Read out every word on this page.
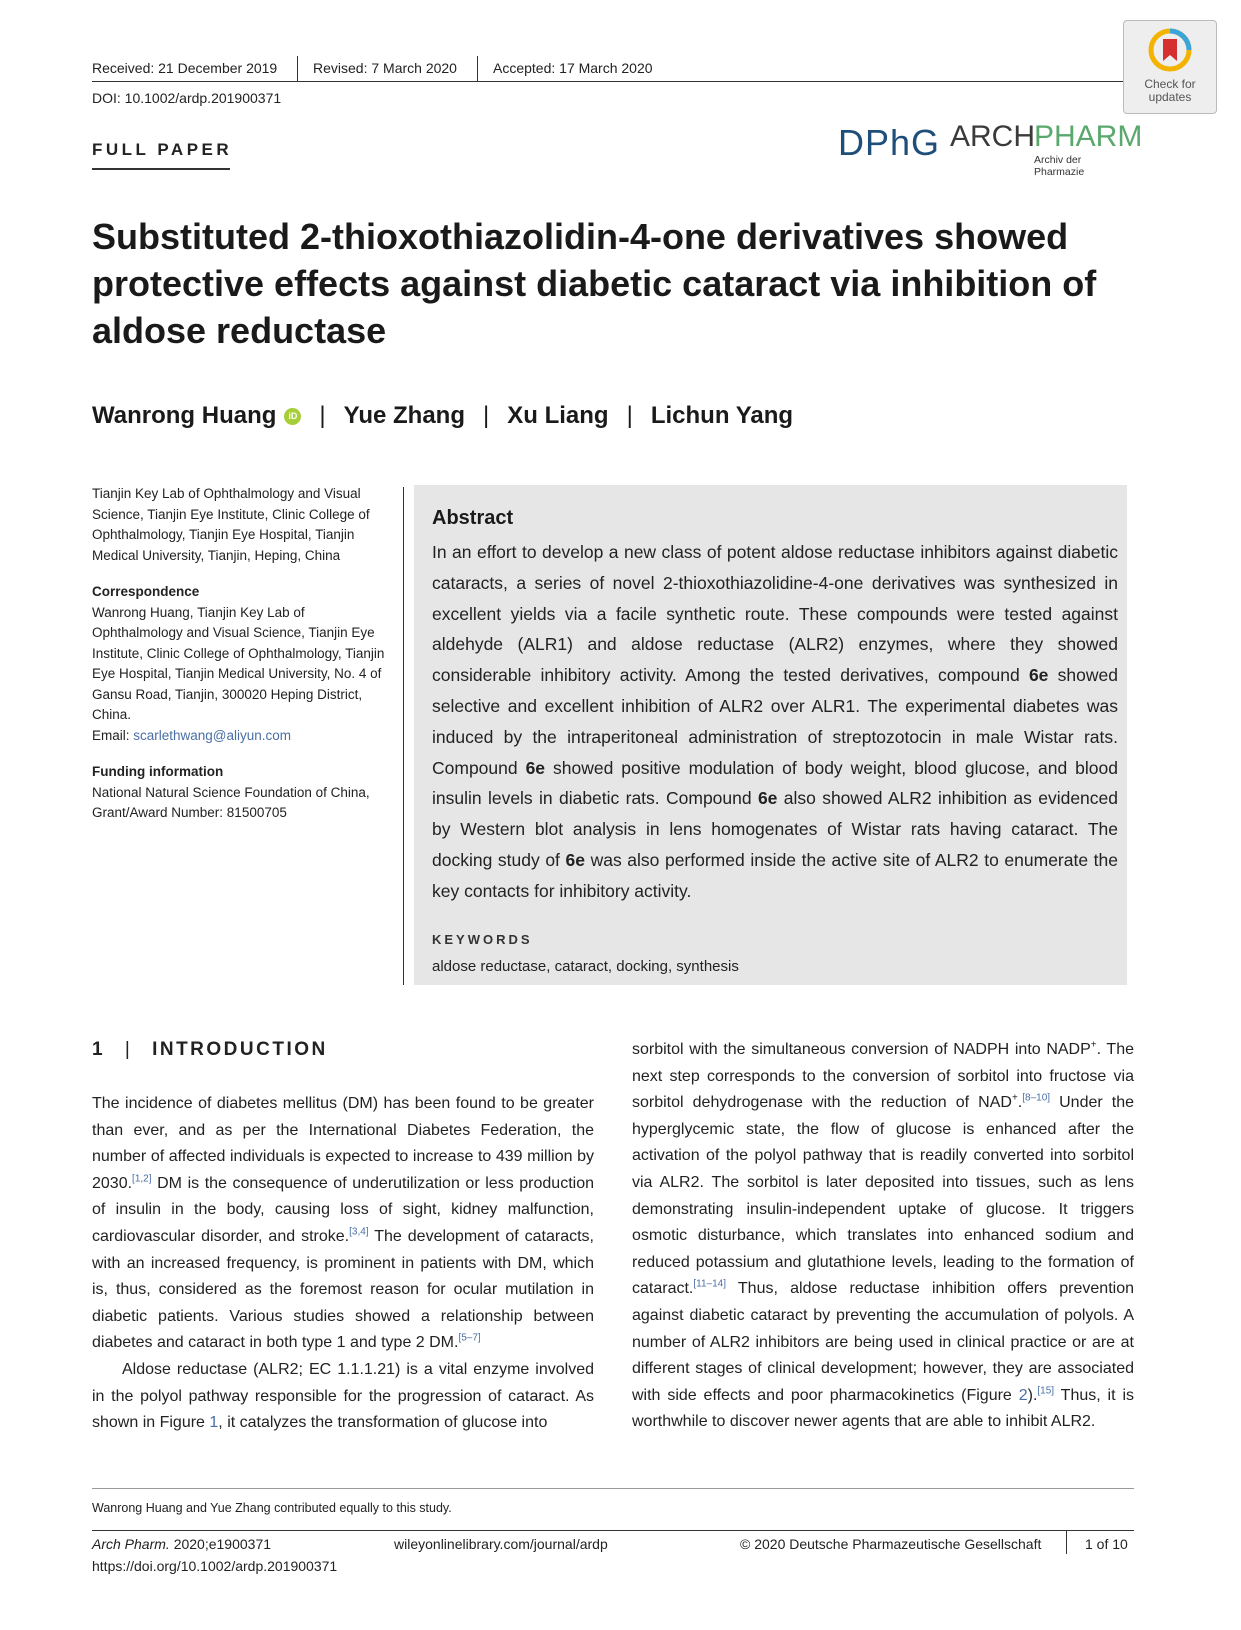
Received: 21 December 2019	Revised: 7 March 2020	Accepted: 17 March 2020
DOI: 10.1002/ardp.201900371
Check for
updates
FULL PAPER	DPhG ARCH
PHARM
Archiv der Pharmazie
Substituted 2-thioxothiazolidin-4-one derivatives showed protective effects against diabetic cataract via inhibition of aldose reductase
Wanrong Huang	iD | Yue Zhang | Xu Liang | Lichun Yang
Tianjin Key Lab of Ophthalmology and Visual Science, Tianjin Eye Institute, Clinic College of Ophthalmology, Tianjin Eye Hospital, Tianjin Medical University, Tianjin, Heping, China
Correspondence
Wanrong Huang, Tianjin Key Lab of Ophthalmology and Visual Science, Tianjin Eye Institute, Clinic College of Ophthalmology, Tianjin Eye Hospital, Tianjin Medical University, No. 4 of Gansu Road, Tianjin, 300020 Heping District, China.
Email: scarlethwang@aliyun.com
Funding information
National Natural Science Foundation of China, Grant/Award Number: 81500705
Abstract

In an effort to develop a new class of potent aldose reductase inhibitors against diabetic cataracts, a series of novel 2-thioxothiazolidine-4-one derivatives was synthesized in excellent yields via a facile synthetic route. These compounds were tested against aldehyde (ALR1) and aldose reductase (ALR2) enzymes, where they showed considerable inhibitory activity. Among the tested derivatives, compound 6e showed selective and excellent inhibition of ALR2 over ALR1. The experimental diabetes was induced by the intraperitoneal administration of streptozotocin in male Wistar rats. Compound 6e showed positive modulation of body weight, blood glucose, and blood insulin levels in diabetic rats. Compound 6e also showed ALR2 inhibition as evidenced by Western blot analysis in lens homogenates of Wistar rats having cataract. The docking study of 6e was also performed inside the active site of ALR2 to enumerate the key contacts for inhibitory activity.

KEYWORDS
aldose reductase, cataract, docking, synthesis
1 | INTRODUCTION

The incidence of diabetes mellitus (DM) has been found to be greater than ever, and as per the International Diabetes Federation, the number of affected individuals is expected to increase to 439 million by 2030.[1,2] DM is the consequence of underutilization or less production of insulin in the body, causing loss of sight, kidney malfunction, cardiovascular disorder, and stroke.[3,4] The development of cataracts, with an increased frequency, is prominent in patients with DM, which is, thus, considered as the foremost reason for ocular mutilation in diabetic patients. Various studies showed a relationship between diabetes and cataract in both type 1 and type 2 DM.[5–7]

Aldose reductase (ALR2; EC 1.1.1.21) is a vital enzyme involved in the polyol pathway responsible for the progression of cataract. As shown in Figure 1, it catalyzes the transformation of glucose into

sorbitol with the simultaneous conversion of NADPH into NADP+. The next step corresponds to the conversion of sorbitol into fructose via sorbitol dehydrogenase with the reduction of NAD+.[8–10] Under the hyperglycemic state, the flow of glucose is enhanced after the activation of the polyol pathway that is readily converted into sorbitol via ALR2. The sorbitol is later deposited into tissues, such as lens demonstrating insulin-independent uptake of glucose. It triggers osmotic disturbance, which translates into enhanced sodium and reduced potassium and glutathione levels, leading to the formation of cataract.[11–14] Thus, aldose reductase inhibition offers prevention against diabetic cataract by preventing the accumulation of polyols. A number of ALR2 inhibitors are being used in clinical practice or are at different stages of clinical development; however, they are associated with side effects and poor pharmacokinetics (Figure 2).[15] Thus, it is worthwhile to discover newer agents that are able to inhibit ALR2.

Wanrong Huang and Yue Zhang contributed equally to this study.
Arch Pharm. 2020;e1900371
https://doi.org/10.1002/ardp.201900371
wileyonlinelibrary.com/journal/ardp	© 2020 Deutsche Pharmazeutische Gesellschaft	1 of 10
